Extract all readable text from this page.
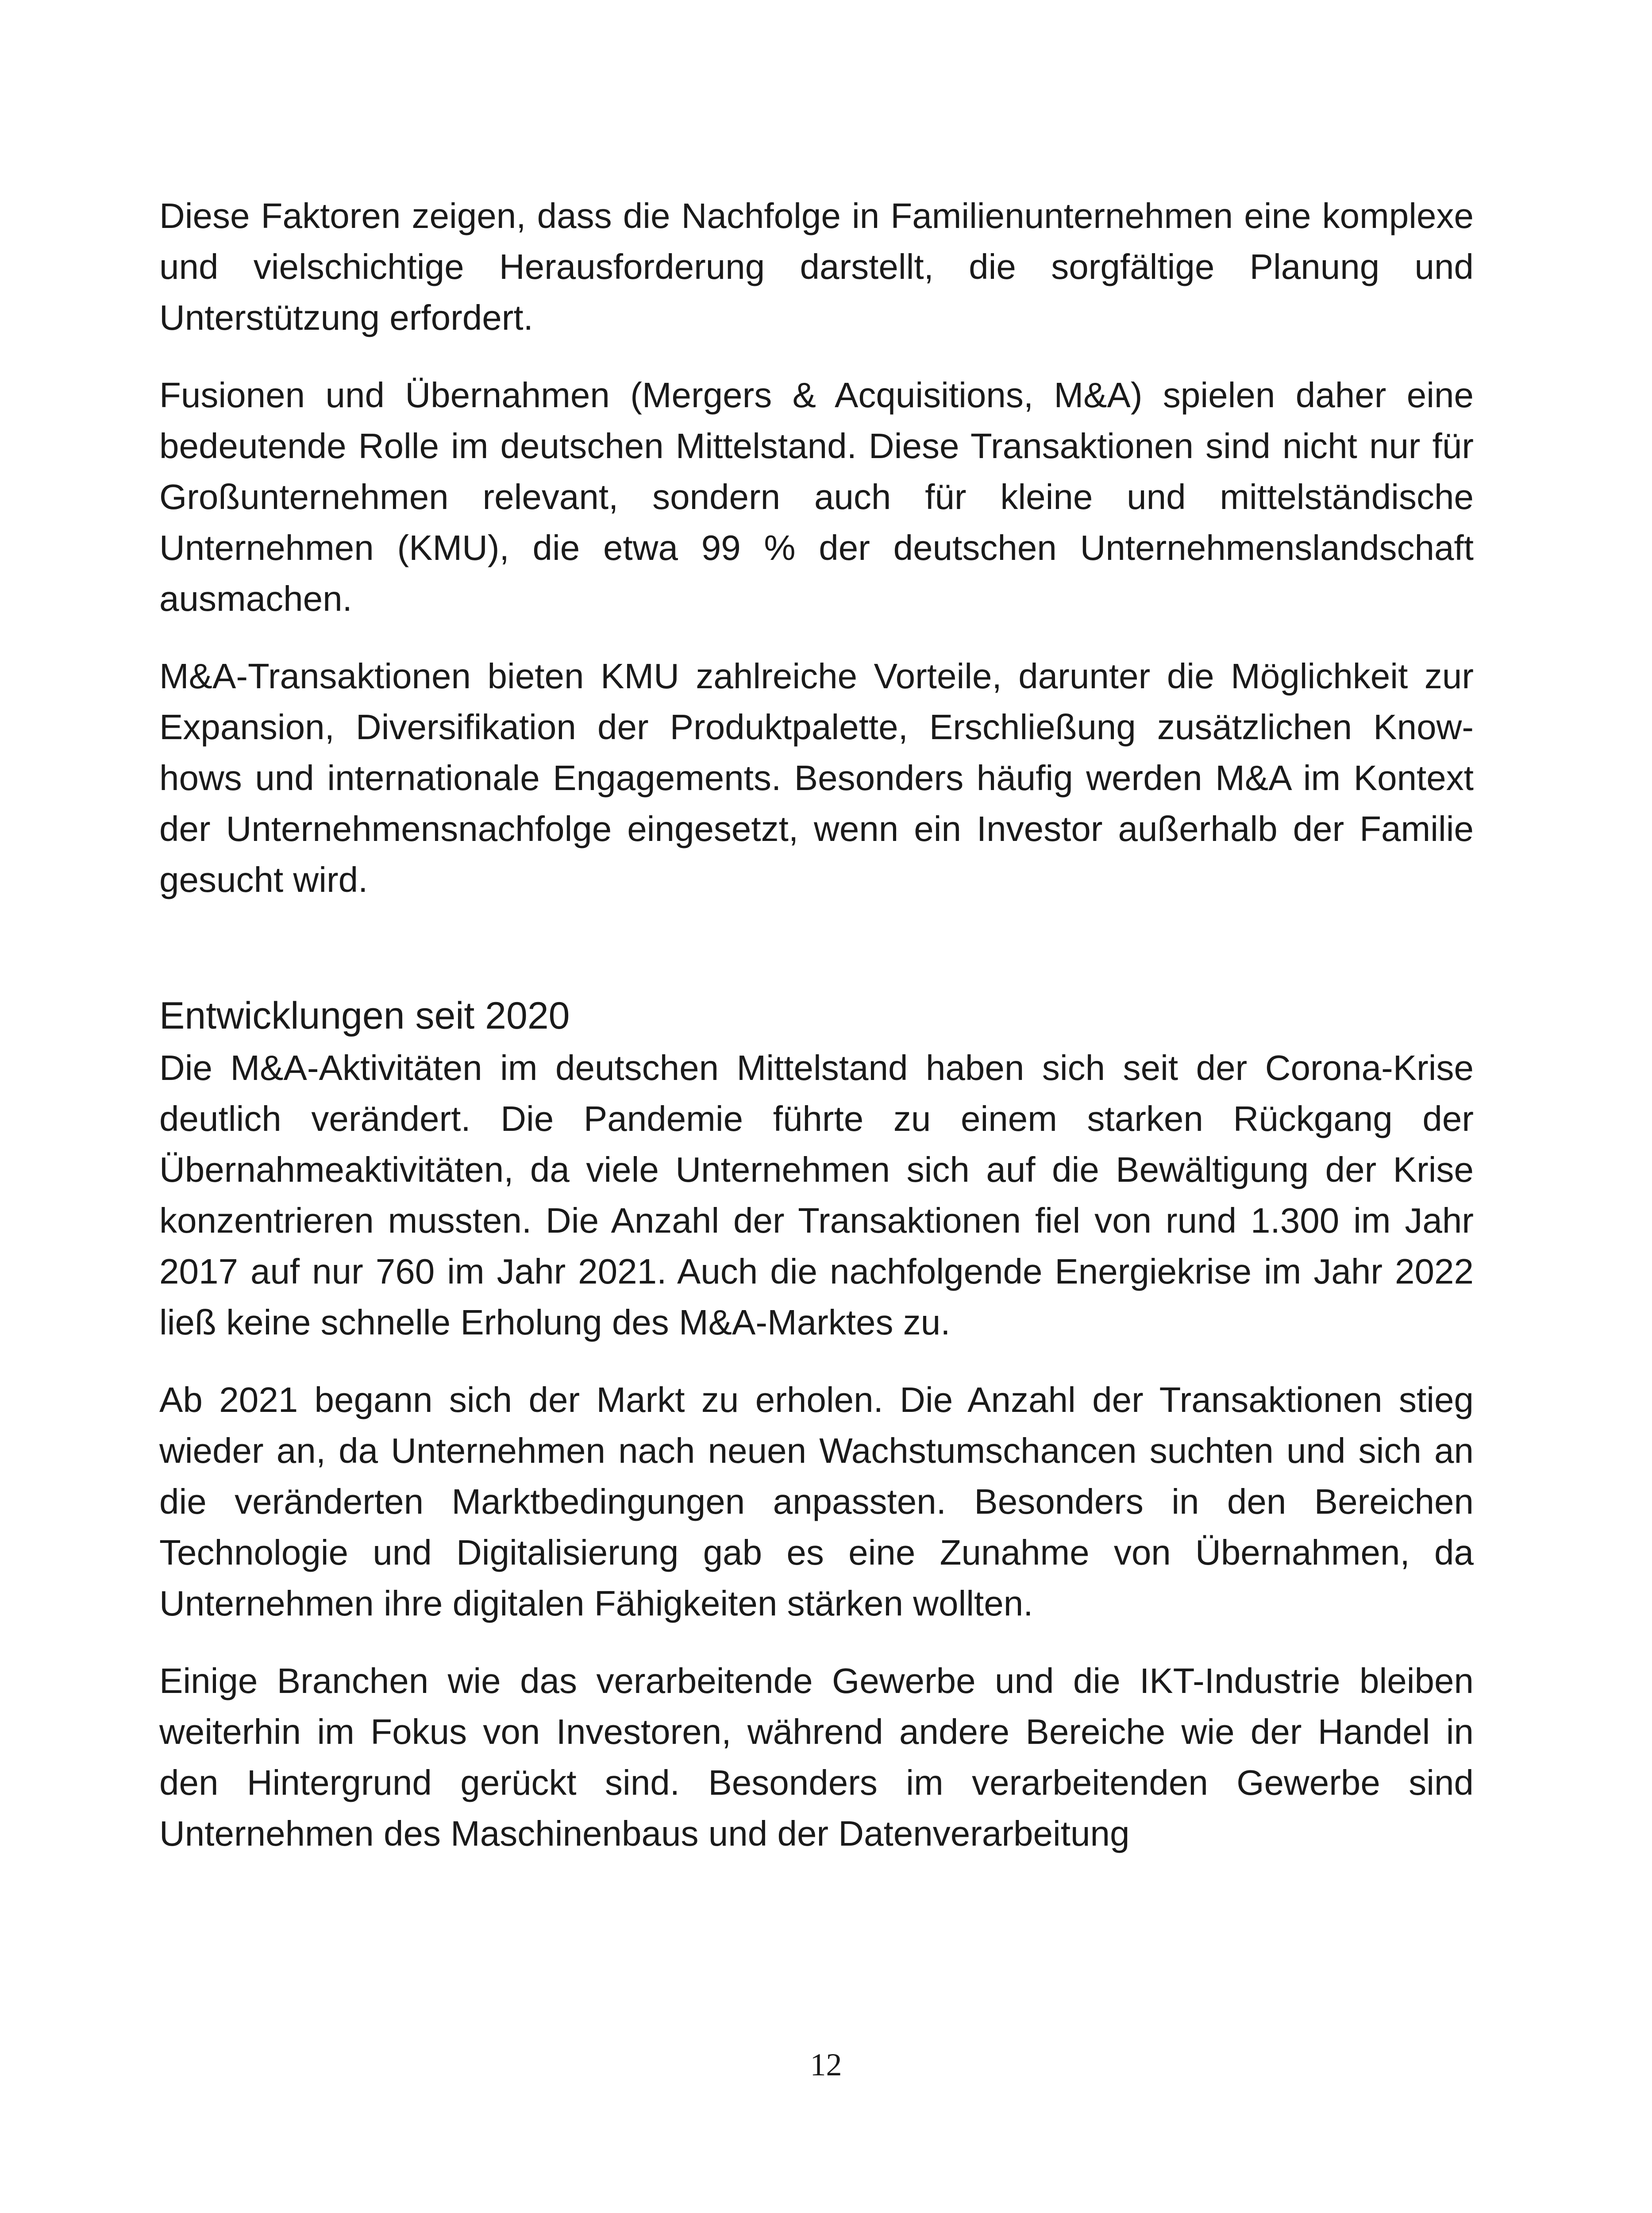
Diese Faktoren zeigen, dass die Nachfolge in Familienunternehmen eine komplexe und vielschichtige Herausforderung darstellt, die sorgfältige Planung und Unterstützung erfordert.

Fusionen und Übernahmen (Mergers & Acquisitions, M&A) spielen daher eine bedeutende Rolle im deutschen Mittelstand. Diese Transaktionen sind nicht nur für Großunternehmen relevant, sondern auch für kleine und mittelständische Unternehmen (KMU), die etwa 99 % der deutschen Unternehmenslandschaft ausmachen.

M&A-Transaktionen bieten KMU zahlreiche Vorteile, darunter die Möglichkeit zur Expansion, Diversifikation der Produktpalette, Erschließung zusätzlichen Know-hows und internationale Engagements. Besonders häufig werden M&A im Kontext der Unternehmensnachfolge eingesetzt, wenn ein Investor außerhalb der Familie gesucht wird.

Entwicklungen seit 2020

Die M&A-Aktivitäten im deutschen Mittelstand haben sich seit der Corona-Krise deutlich verändert. Die Pandemie führte zu einem starken Rückgang der Übernahmeaktivitäten, da viele Unternehmen sich auf die Bewältigung der Krise konzentrieren mussten. Die Anzahl der Transaktionen fiel von rund 1.300 im Jahr 2017 auf nur 760 im Jahr 2021. Auch die nachfolgende Energiekrise im Jahr 2022 ließ keine schnelle Erholung des M&A-Marktes zu.

Ab 2021 begann sich der Markt zu erholen. Die Anzahl der Transaktionen stieg wieder an, da Unternehmen nach neuen Wachstumschancen suchten und sich an die veränderten Marktbedingungen anpassten. Besonders in den Bereichen Technologie und Digitalisierung gab es eine Zunahme von Übernahmen, da Unternehmen ihre digitalen Fähigkeiten stärken wollten.

Einige Branchen wie das verarbeitende Gewerbe und die IKT-Industrie bleiben weiterhin im Fokus von Investoren, während andere Bereiche wie der Handel in den Hintergrund gerückt sind. Besonders im verarbeitenden Gewerbe sind Unternehmen des Maschinenbaus und der Datenverarbeitung

12
